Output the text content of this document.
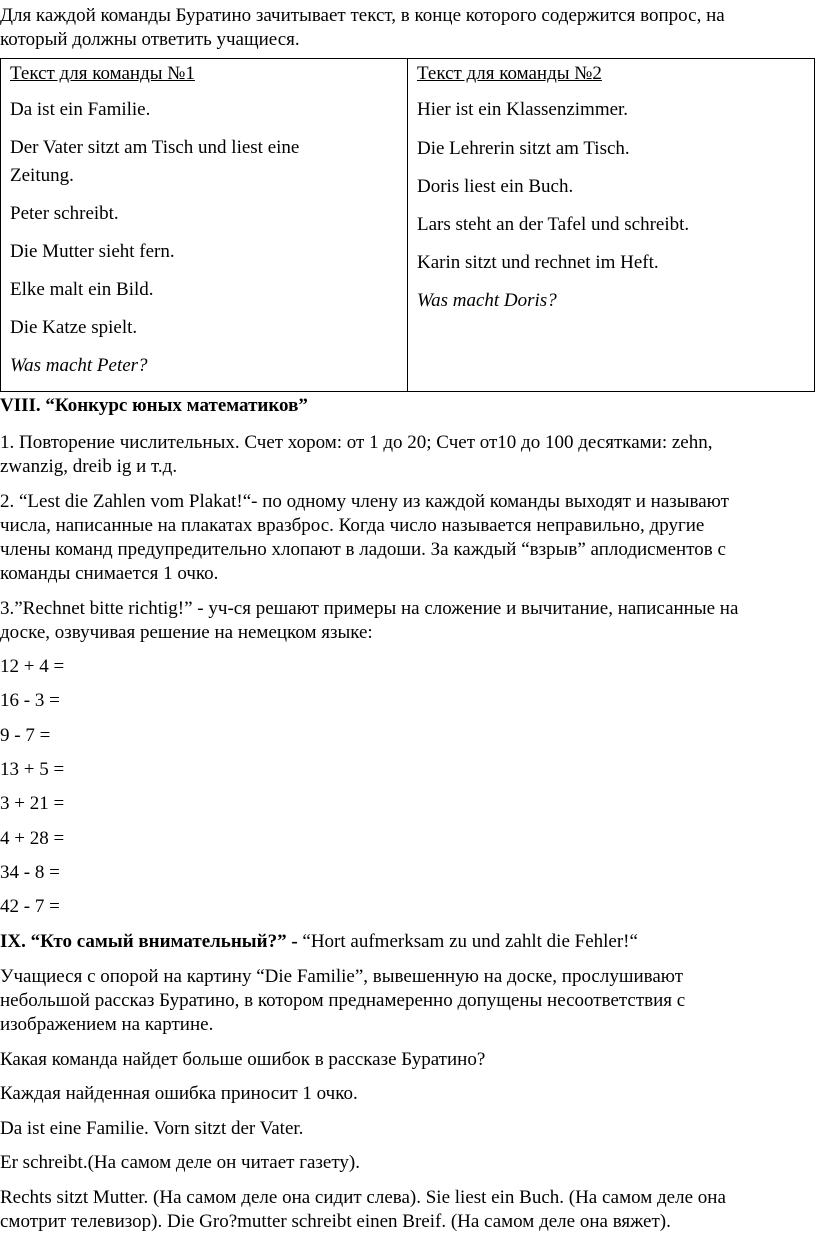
Для каждой команды Буратино зачитывает текст, в конце которого содержится вопрос, на
который должны ответить учащиеся.
Текст для команды №1
Da ist ein Familie.
Der Vater sitzt am Tisch und liest eine
Zeitung.
Peter schreibt.
Die Mutter sieht fern.
Elke malt ein Bild.
Die Katze spielt.
Was macht Peter?
Текст для команды №2
Hier ist ein Klassenzimmer.
Die Lehrerin sitzt am Tisch.
Doris liest ein Buch.
Lars steht an der Tafel und schreibt.
Karin sitzt und rechnet im Heft.
Was macht Doris?
VIII. “Конкурс юных математиков”
1. Повторение числительных. Счет хором: от 1 до 20; Счет от10 до 100 десятками: zehn,
zwanzig, dreib ig и т.д.
2. “Lest die Zahlen vom Plakat!“- по одному члену из каждой команды выходят и называют
числа, написанные на плакатах вразброс. Когда число называется неправильно, другие
члены команд предупредительно хлопают в ладоши. За каждый “взрыв” аплодисментов с
команды снимается 1 очко.
3.”Rechnet bitte richtig!” - уч-ся решают примеры на сложение и вычитание, написанные на
доске, озвучивая решение на немецком языке:
12 + 4 =
16 - 3 =
9 - 7 =
13 + 5 =
3 + 21 =
4 + 28 =
34 - 8 =
42 - 7 =
IX. “Кто самый внимательный?” - “Hort aufmerksam zu und zahlt die Fehler!“
Учащиеся с опорой на картину “Die Familie”, вывешенную на доске, прослушивают
небольшой рассказ Буратино, в котором преднамеренно допущены несоответствия с
изображением на картине.
Какая команда найдет больше ошибок в рассказе Буратино?
Каждая найденная ошибка приносит 1 очко.
Da ist eine Familie. Vorn sitzt der Vater.
Er schreibt.(На самом деле он читает газету).
Rechts sitzt Mutter. (На самом деле она сидит слева). Sie liest ein Buch. (На самом деле она
смотрит телевизор). Die Gro?mutter schreibt einen Breif. (На самом деле она вяжет).
